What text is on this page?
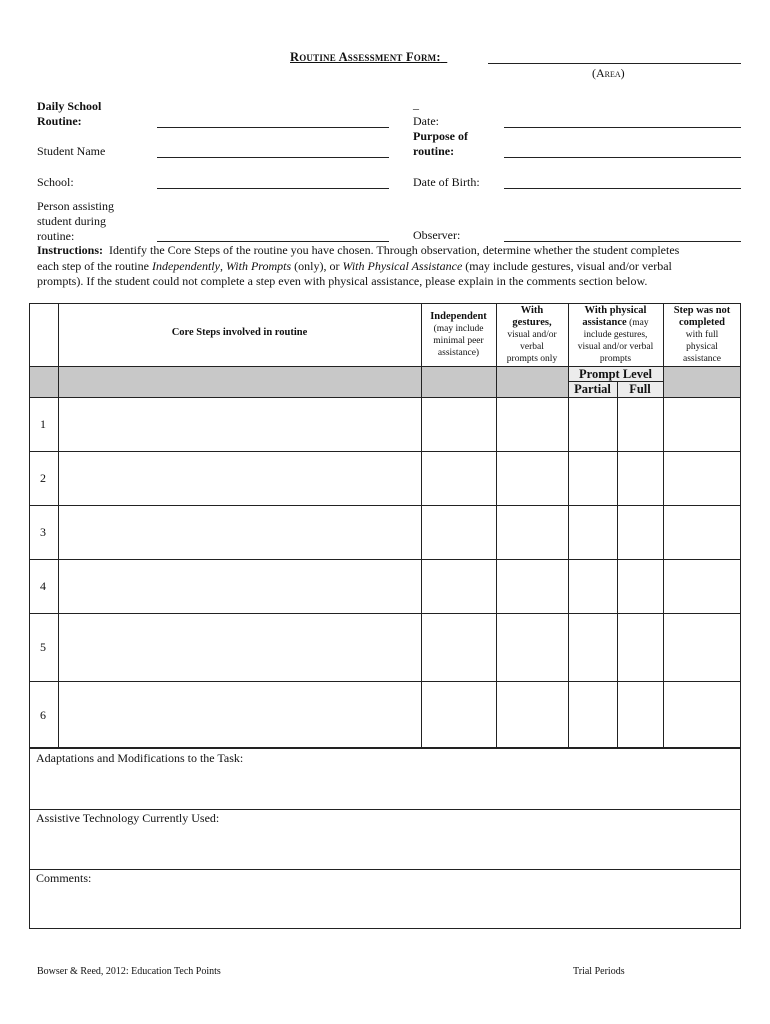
Routine Assessment Form:_
(Area)
Daily School
Routine:
Student Name
School:
Person assisting
student during
routine:
_
Date:
Purpose of
routine:
Date of Birth:
Observer:
Instructions: Identify the Core Steps of the routine you have chosen. Through observation, determine whether the student completes
each step of the routine Independently, With Prompts (only), or With Physical Assistance (may include gestures, visual and/or verbal
prompts). If the student could not complete a step even with physical assistance, please explain in the comments section below.
Core Steps involved in routine
Independent
(may include
minimal peer
assistance)
With
gestures,
visual and/or
verbal
prompts only
With physical
assistance (may
include gestures,
visual and/or verbal
prompts
Step was not
completed
with full
physical
assistance
Prompt Level
Partial	Full
1
2
3
4
5
6
Adaptations and Modifications to the Task:
Assistive Technology Currently Used:
Comments:
Bowser & Reed, 2012: Education Tech Points	Trial Periods
